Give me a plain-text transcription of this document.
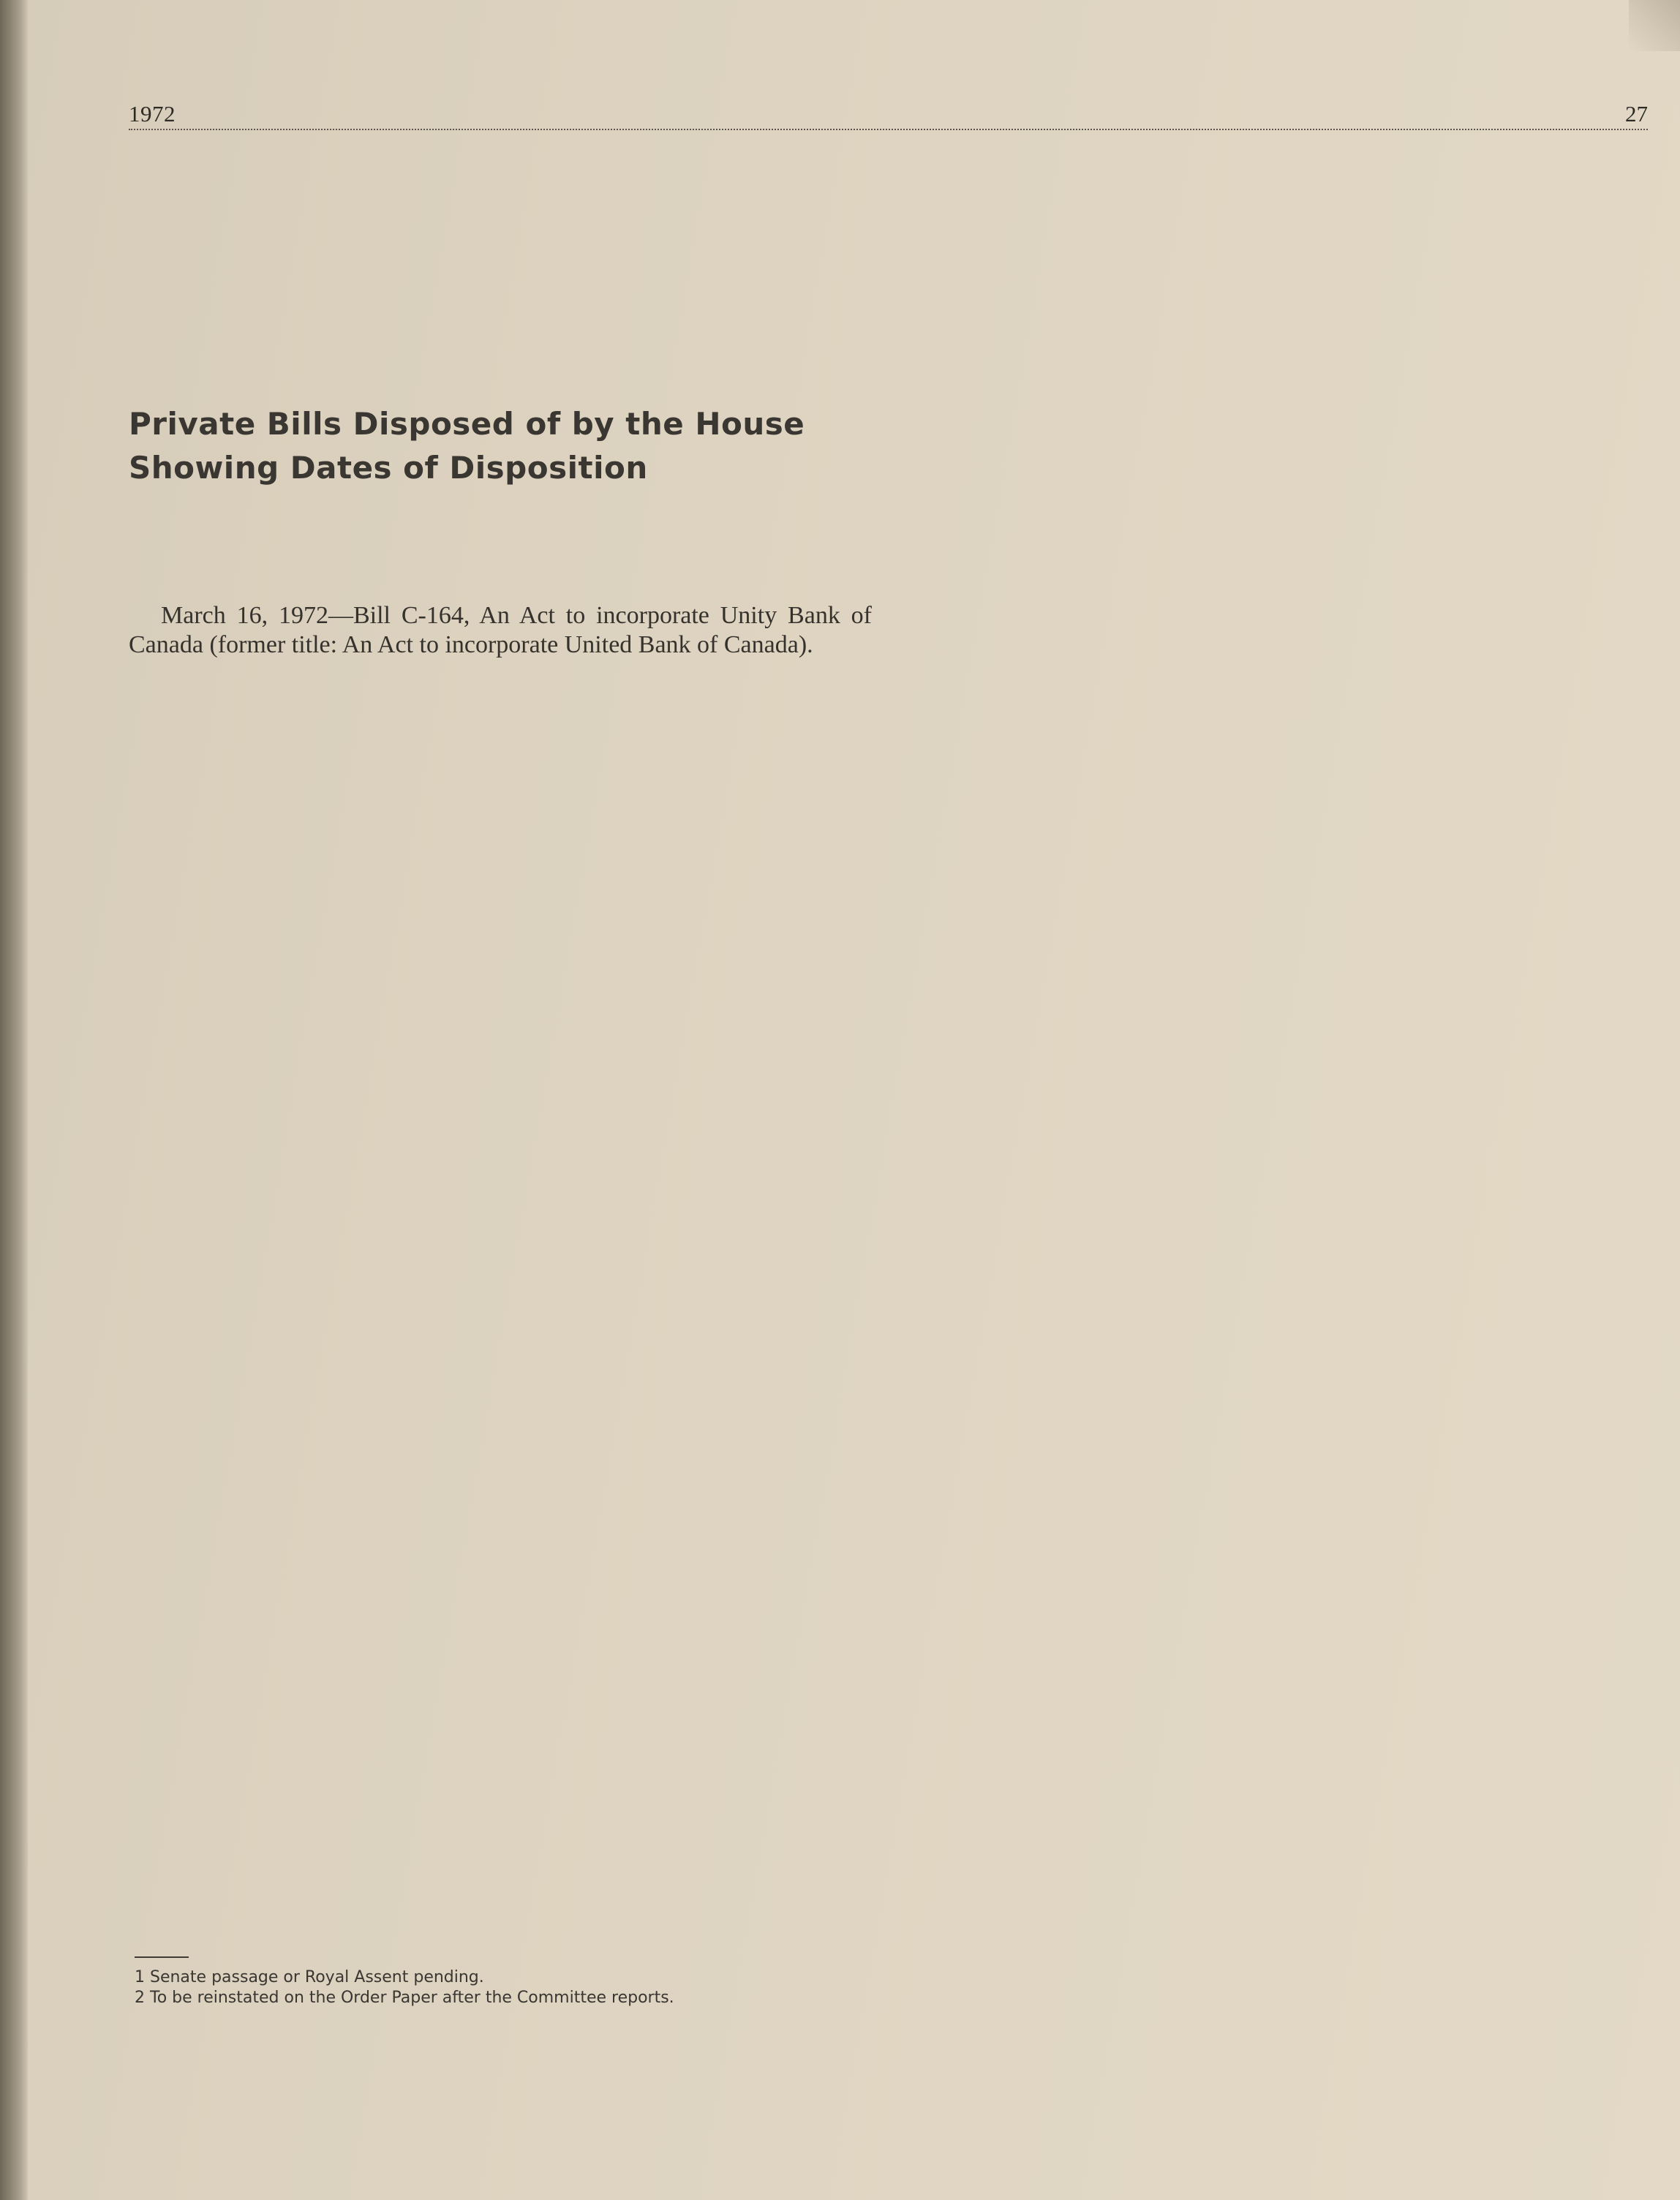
1972	27
Private Bills Disposed of by the House
Showing Dates of Disposition

March 16, 1972—Bill C-164, An Act to incorporate Unity Bank of Canada (former title: An Act to incorporate United Bank of Canada).

1 Senate passage or Royal Assent pending.
2 To be reinstated on the Order Paper after the Committee reports.
